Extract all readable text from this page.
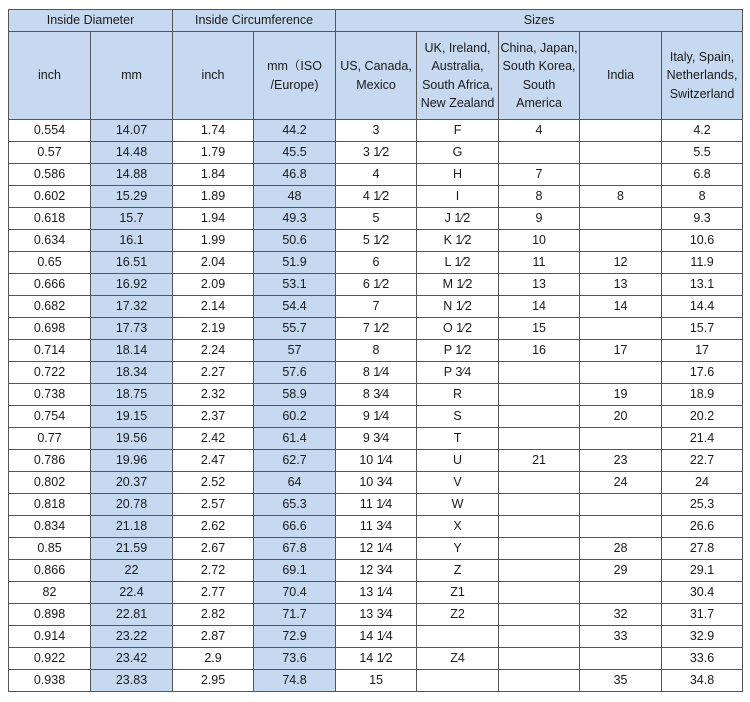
Inside Diameter		Inside Circumference		Sizes				
inch	mm	inch	mm（ISO /Europe)	US, Canada, Mexico	UK, Ireland, Australia, South Africa, New Zealand	China, Japan, South Korea, South America	India	Italy, Spain, Netherlands, Switzerland
0.554	14.07	1.74	44.2	3	F	4		4.2
0.57	14.48	1.79	45.5	3 1⁄2	G			5.5
0.586	14.88	1.84	46.8	4	H	7		6.8
0.602	15.29	1.89	48	4 1⁄2	I	8	8	8
0.618	15.7	1.94	49.3	5	J 1⁄2	9		9.3
0.634	16.1	1.99	50.6	5 1⁄2	K 1⁄2	10		10.6
0.65	16.51	2.04	51.9	6	L 1⁄2	11	12	11.9
0.666	16.92	2.09	53.1	6 1⁄2	M 1⁄2	13	13	13.1
0.682	17.32	2.14	54.4	7	N 1⁄2	14	14	14.4
0.698	17.73	2.19	55.7	7 1⁄2	O 1⁄2	15		15.7
0.714	18.14	2.24	57	8	P 1⁄2	16	17	17
0.722	18.34	2.27	57.6	8 1⁄4	P 3⁄4			17.6
0.738	18.75	2.32	58.9	8 3⁄4	R		19	18.9
0.754	19.15	2.37	60.2	9 1⁄4	S		20	20.2
0.77	19.56	2.42	61.4	9 3⁄4	T			21.4
0.786	19.96	2.47	62.7	10 1⁄4	U	21	23	22.7
0.802	20.37	2.52	64	10 3⁄4	V		24	24
0.818	20.78	2.57	65.3	11 1⁄4	W			25.3
0.834	21.18	2.62	66.6	11 3⁄4	X			26.6
0.85	21.59	2.67	67.8	12 1⁄4	Y		28	27.8
0.866	22	2.72	69.1	12 3⁄4	Z		29	29.1
82	22.4	2.77	70.4	13 1⁄4	Z1			30.4
0.898	22.81	2.82	71.7	13 3⁄4	Z2		32	31.7
0.914	23.22	2.87	72.9	14 1⁄4			33	32.9
0.922	23.42	2.9	73.6	14 1⁄2	Z4			33.6
0.938	23.83	2.95	74.8	15			35	34.8
